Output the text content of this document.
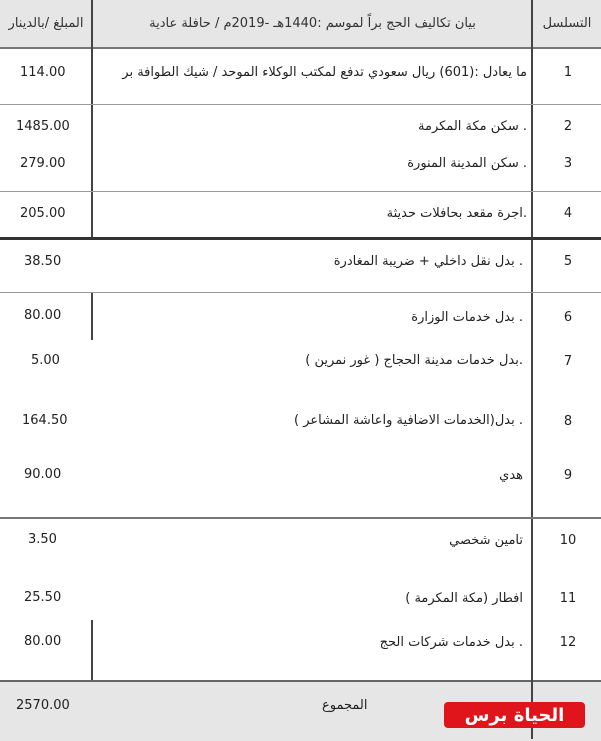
المبلغ /بالدينار	بيان تكاليف الحج براً لموسم :1440هـ -2019م / حافلة عادية	التسلسل
114.00	ما يعادل :(601) ريال سعودي تدفع لمكتب الوكلاء الموحد / شيك الطوافة بر	1
1485.00	سكن مكة المكرمة .	2
279.00	سكن المدينة المنورة .	3
205.00	اجرة مقعد بحافلات حديثة.	4
38.50	بدل نقل داخلي + ضريبة المغادرة .	5
80.00	بدل خدمات الوزارة .	6
5.00	بدل خدمات مدينة الحجاج ( غور نمرين ).	7
164.50	بدل(الخدمات الاضافية واعاشة المشاعر ) .	8
90.00	هدي	9
3.50	تامين شخصي	10
25.50	افطار (مكة المكرمة )	11
80.00	بدل خدمات شركات الحج .	12
2570.00	المجموع	الحياة برس
